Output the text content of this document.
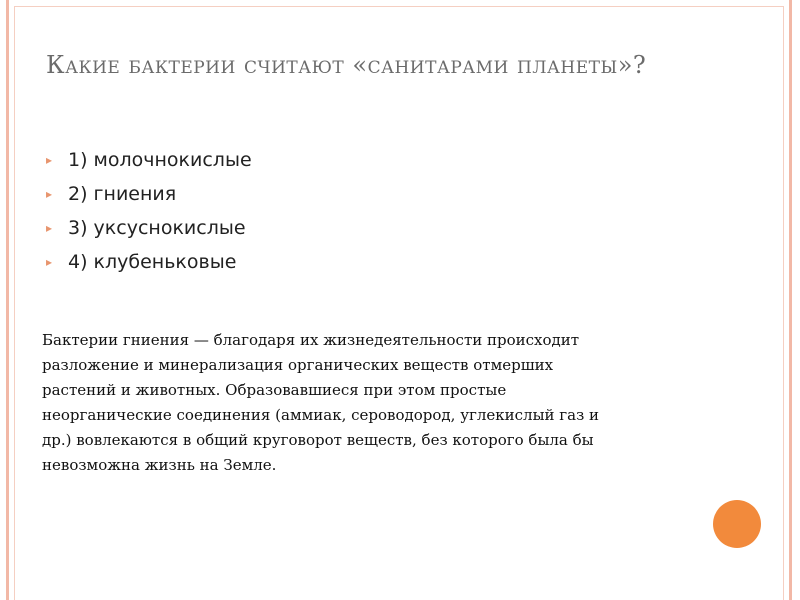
Какие бактерии считают «санитарами планеты»?
▸ 1) молочнокислые
▸ 2) гниения
▸ 3) уксуснокислые
▸ 4) клубеньковые
Бактерии гниения — благодаря их жизнедеятельности происходит разложение и минерализация органических веществ отмерших растений и животных. Образовавшиеся при этом простые неорганические соединения (аммиак, сероводород, углекислый газ и др.) вовлекаются в общий круговорот веществ, без которого была бы невозможна жизнь на Земле.
